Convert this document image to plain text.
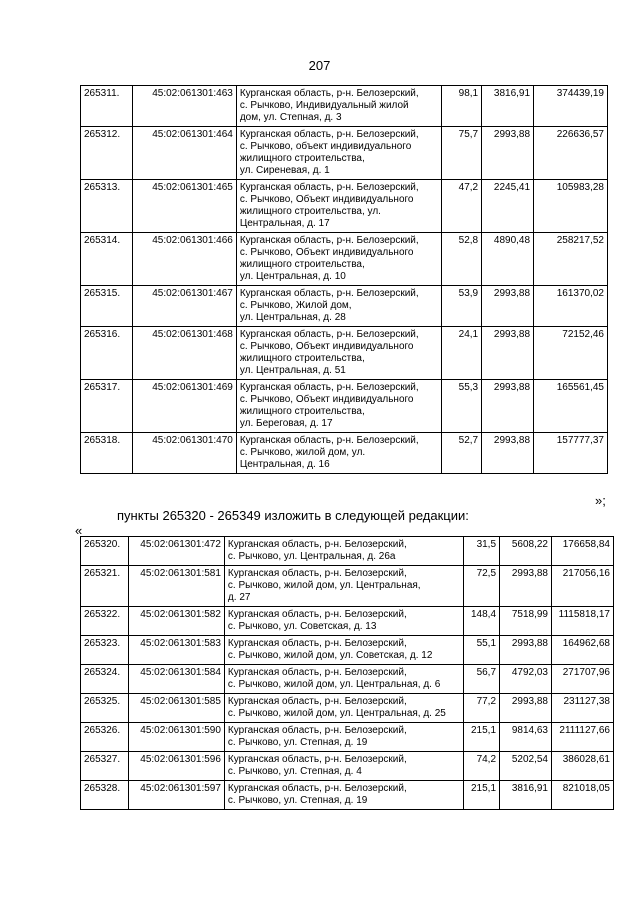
207
265311.	45:02:061301:463	Курганская область, р-н. Белозерский,
с. Рычково, Индивидуальный жилой
дом, ул. Степная, д. 3	98,1	3816,91	374439,19
265312.	45:02:061301:464	Курганская область, р-н. Белозерский,
с. Рычково, объект индивидуального
жилищного строительства,
ул. Сиреневая, д. 1	75,7	2993,88	226636,57
265313.	45:02:061301:465	Курганская область, р-н. Белозерский,
с. Рычково, Объект индивидуального
жилищного строительства, ул.
Центральная, д. 17	47,2	2245,41	105983,28
265314.	45:02:061301:466	Курганская область, р-н. Белозерский,
с. Рычково, Объект индивидуального
жилищного строительства,
ул. Центральная, д. 10	52,8	4890,48	258217,52
265315.	45:02:061301:467	Курганская область, р-н. Белозерский,
с. Рычково, Жилой дом,
ул. Центральная, д. 28	53,9	2993,88	161370,02
265316.	45:02:061301:468	Курганская область, р-н. Белозерский,
с. Рычково, Объект индивидуального
жилищного строительства,
ул. Центральная, д. 51	24,1	2993,88	72152,46
265317.	45:02:061301:469	Курганская область, р-н. Белозерский,
с. Рычково, Объект индивидуального
жилищного строительства,
ул. Береговая, д. 17	55,3	2993,88	165561,45
265318.	45:02:061301:470	Курганская область, р-н. Белозерский,
с. Рычково, жилой дом, ул.
Центральная, д. 16	52,7	2993,88	157777,37
»;
пункты 265320 - 265349 изложить в следующей редакции:
«
265320.	45:02:061301:472	Курганская область, р-н. Белозерский,
с. Рычково, ул. Центральная, д. 26а	31,5	5608,22	176658,84
265321.	45:02:061301:581	Курганская область, р-н. Белозерский,
с. Рычково, жилой дом, ул. Центральная,
д. 27	72,5	2993,88	217056,16
265322.	45:02:061301:582	Курганская область, р-н. Белозерский,
с. Рычково, ул. Советская, д. 13	148,4	7518,99	1115818,17
265323.	45:02:061301:583	Курганская область, р-н. Белозерский,
с. Рычково, жилой дом, ул. Советская, д. 12	55,1	2993,88	164962,68
265324.	45:02:061301:584	Курганская область, р-н. Белозерский,
с. Рычково, жилой дом, ул. Центральная, д. 6	56,7	4792,03	271707,96
265325.	45:02:061301:585	Курганская область, р-н. Белозерский,
с. Рычково, жилой дом, ул. Центральная, д. 25	77,2	2993,88	231127,38
265326.	45:02:061301:590	Курганская область, р-н. Белозерский,
с. Рычково, ул. Степная, д. 19	215,1	9814,63	2111127,66
265327.	45:02:061301:596	Курганская область, р-н. Белозерский,
с. Рычково, ул. Степная, д. 4	74,2	5202,54	386028,61
265328.	45:02:061301:597	Курганская область, р-н. Белозерский,
с. Рычково, ул. Степная, д. 19	215,1	3816,91	821018,05
